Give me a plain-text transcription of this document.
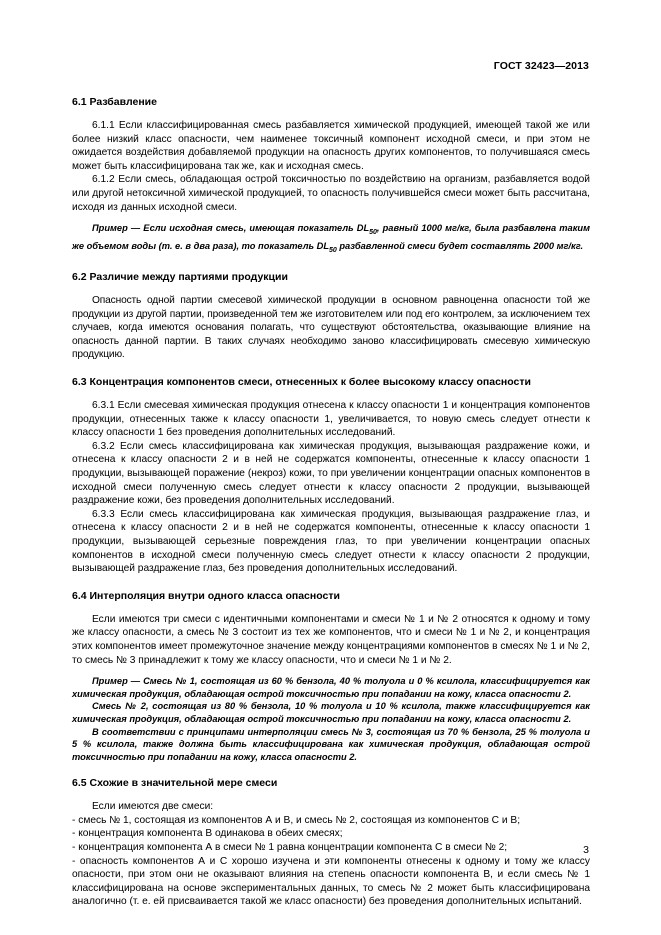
ГОСТ 32423—2013
6.1 Разбавление

6.1.1 Если классифицированная смесь разбавляется химической продукцией, имеющей такой же или более низкий класс опасности, чем наименее токсичный компонент исходной смеси, и при этом не ожидается воздействия добавляемой продукции на опасность других компонентов, то получившаяся смесь может быть классифицирована так же, как и исходная смесь.

6.1.2 Если смесь, обладающая острой токсичностью по воздействию на организм, разбавляется водой или другой нетоксичной химической продукцией, то опасность получившейся смеси может быть рассчитана, исходя из данных исходной смеси.

Пример — Если исходная смесь, имеющая показатель $DL_{50}$, равный 1000 мг/кг, была разбавлена таким же объемом воды (т. е. в два раза), то показатель $DL_{50}$ разбавленной смеси будет составлять 2000 мг/кг.

6.2 Различие между партиями продукции

Опасность одной партии смесевой химической продукции в основном равноценна опасности той же продукции из другой партии, произведенной тем же изготовителем или под его контролем, за исключением тех случаев, когда имеются основания полагать, что существуют обстоятельства, оказывающие влияние на опасность данной партии. В таких случаях необходимо заново классифицировать смесевую химическую продукцию.

6.3 Концентрация компонентов смеси, отнесенных к более высокому классу опасности

6.3.1 Если смесевая химическая продукция отнесена к классу опасности 1 и концентрация компонентов продукции, отнесенных также к классу опасности 1, увеличивается, то новую смесь следует отнести к классу опасности 1 без проведения дополнительных исследований.

6.3.2 Если смесь классифицирована как химическая продукция, вызывающая раздражение кожи, и отнесена к классу опасности 2 и в ней не содержатся компоненты, отнесенные к классу опасности 1 продукции, вызывающей поражение (некроз) кожи, то при увеличении концентрации опасных компонентов в исходной смеси полученную смесь следует отнести к классу опасности 2 продукции, вызывающей раздражение кожи, без проведения дополнительных исследований.

6.3.3 Если смесь классифицирована как химическая продукция, вызывающая раздражение глаз, и отнесена к классу опасности 2 и в ней не содержатся компоненты, отнесенные к классу опасности 1 продукции, вызывающей серьезные повреждения глаз, то при увеличении концентрации опасных компонентов в исходной смеси полученную смесь следует отнести к классу опасности 2 продукции, вызывающей раздражение глаз, без проведения дополнительных исследований.

6.4 Интерполяция внутри одного класса опасности

Если имеются три смеси с идентичными компонентами и смеси № 1 и № 2 относятся к одному и тому же классу опасности, а смесь № 3 состоит из тех же компонентов, что и смеси № 1 и № 2, и концентрация этих компонентов имеет промежуточное значение между концентрациями компонентов в смесях № 1 и № 2, то смесь № 3 принадлежит к тому же классу опасности, что и смеси № 1 и № 2.

Пример — Смесь № 1, состоящая из 60 % бензола, 40 % толуола и 0 % ксилола, классифицируется как химическая продукция, обладающая острой токсичностью при попадании на кожу, класса опасности 2.

Смесь № 2, состоящая из 80 % бензола, 10 % толуола и 10 % ксилола, также классифицируется как химическая продукция, обладающая острой токсичностью при попадании на кожу, класса опасности 2.

В соответствии с принципами интерполяции смесь № 3, состоящая из 70 % бензола, 25 % толуола и 5 % ксилола, также должна быть классифицирована как химическая продукция, обладающая острой токсичностью при попадании на кожу, класса опасности 2.

6.5 Схожие в значительной мере смеси

Если имеются две смеси:

- смесь № 1, состоящая из компонентов А и В, и смесь № 2, состоящая из компонентов С и В;

- концентрация компонента В одинакова в обеих смесях;

- концентрация компонента А в смеси № 1 равна концентрации компонента С в смеси № 2;

- опасность компонентов А и С хорошо изучена и эти компоненты отнесены к одному и тому же классу опасности, при этом они не оказывают влияния на степень опасности компонента В, и если смесь № 1 классифицирована на основе экспериментальных данных, то смесь № 2 может быть классифицирована аналогично (т. е. ей присваивается такой же класс опасности) без проведения дополнительных испытаний.

3
